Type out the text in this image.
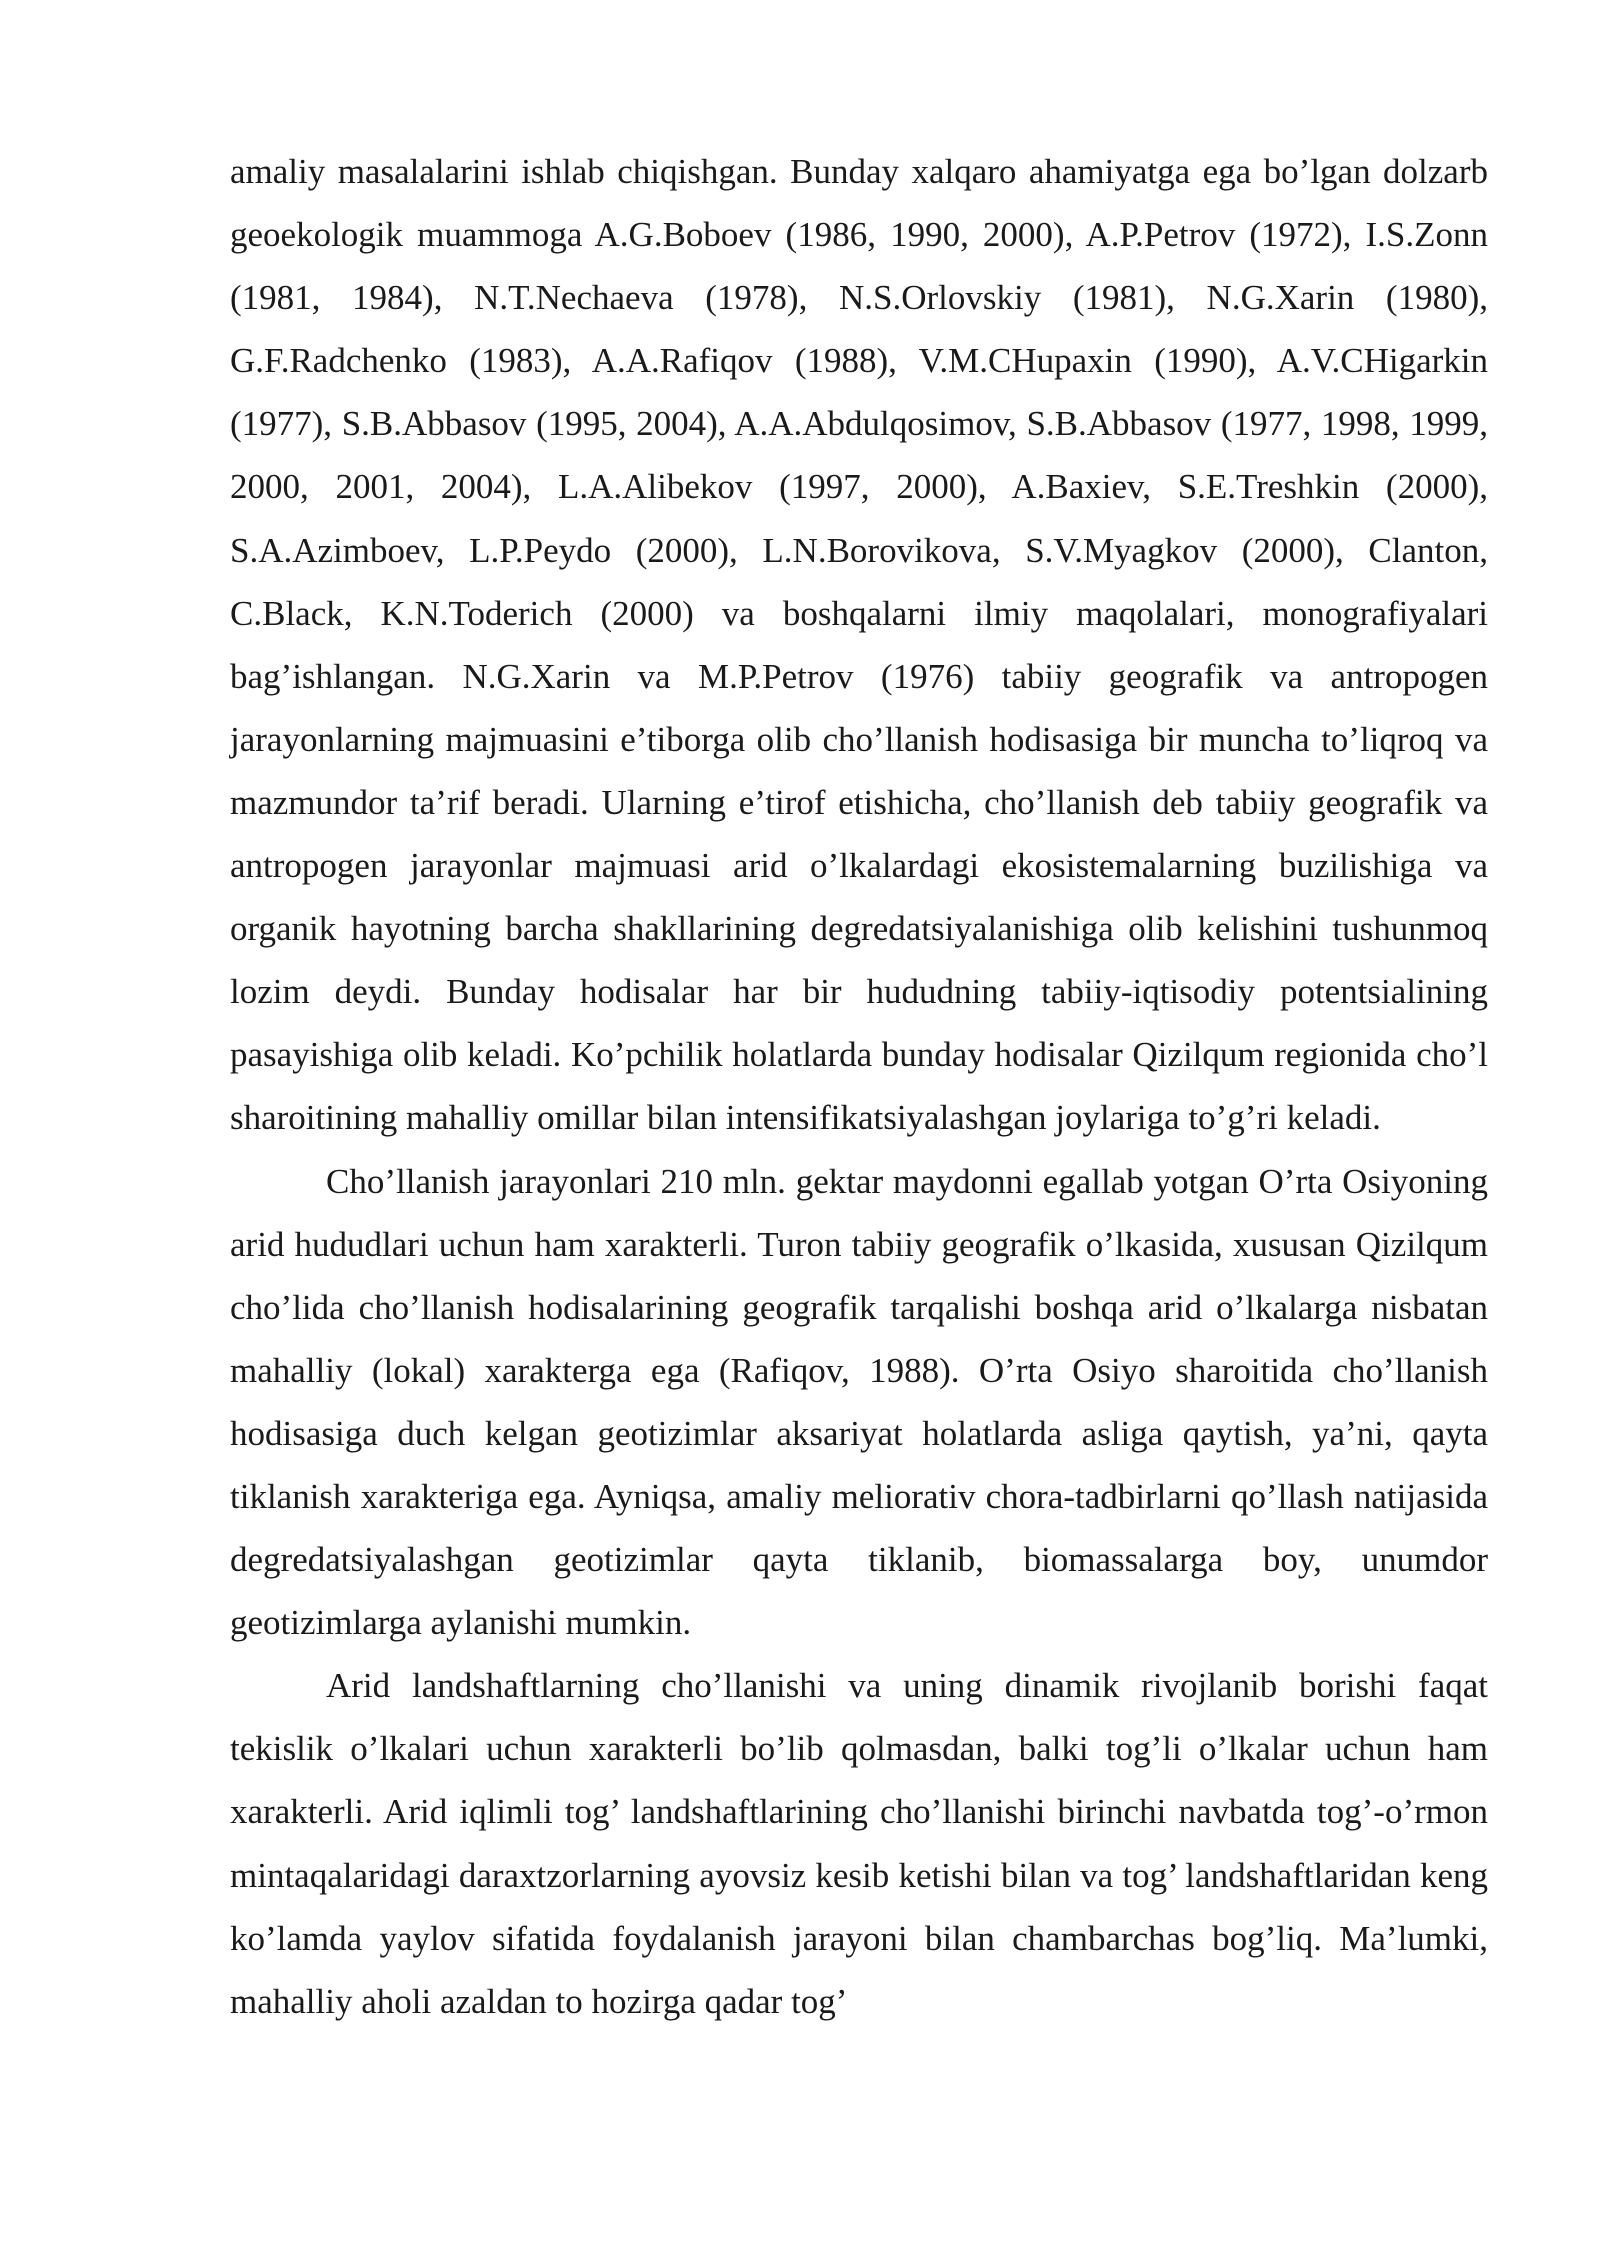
amaliy masalalarini ishlab chiqishgan. Bunday xalqaro ahamiyatga ega bo’lgan dolzarb geoekologik muammoga A.G.Boboev (1986, 1990, 2000), A.P.Petrov (1972), I.S.Zonn (1981, 1984), N.T.Nechaeva (1978), N.S.Orlovskiy (1981), N.G.Xarin (1980), G.F.Radchenko (1983), A.A.Rafiqov (1988), V.M.CHupaxin (1990), A.V.CHigarkin (1977), S.B.Abbasov (1995, 2004), A.A.Abdulqosimov, S.B.Abbasov (1977, 1998, 1999, 2000, 2001, 2004), L.A.Alibekov (1997, 2000), A.Baxiev, S.E.Treshkin (2000), S.A.Azimboev, L.P.Peydo (2000), L.N.Borovikova, S.V.Myagkov (2000), Clanton, C.Black, K.N.Toderich (2000) va boshqalarni ilmiy maqolalari, monografiyalari bag’ishlangan. N.G.Xarin va M.P.Petrov (1976) tabiiy geografik va antropogen jarayonlarning majmuasini e’tiborga olib cho’llanish hodisasiga bir muncha to’liqroq va mazmundor ta’rif beradi. Ularning e’tirof etishicha, cho’llanish deb tabiiy geografik va antropogen jarayonlar majmuasi arid o’lkalardagi ekosistemalarning buzilishiga va organik hayotning barcha shakllarining degredatsiyalanishiga olib kelishini tushunmoq lozim deydi. Bunday hodisalar har bir hududning tabiiy-iqtisodiy potentsialining pasayishiga olib keladi. Ko’pchilik holatlarda bunday hodisalar Qizilqum regionida cho’l sharoitining mahalliy omillar bilan intensifikatsiyalashgan joylariga to’g’ri keladi.

Cho’llanish jarayonlari 210 mln. gektar maydonni egallab yotgan O’rta Osiyoning arid hududlari uchun ham xarakterli. Turon tabiiy geografik o’lkasida, xususan Qizilqum cho’lida cho’llanish hodisalarining geografik tarqalishi boshqa arid o’lkalarga nisbatan mahalliy (lokal) xarakterga ega (Rafiqov, 1988). O’rta Osiyo sharoitida cho’llanish hodisasiga duch kelgan geotizimlar aksariyat holatlarda asliga qaytish, ya’ni, qayta tiklanish xarakteriga ega. Ayniqsa, amaliy meliorativ chora-tadbirlarni qo’llash natijasida degredatsiyalashgan geotizimlar qayta tiklanib, biomassalarga boy, unumdor geotizimlarga aylanishi mumkin.

Arid landshaftlarning cho’llanishi va uning dinamik rivojlanib borishi faqat tekislik o’lkalari uchun xarakterli bo’lib qolmasdan, balki tog’li o’lkalar uchun ham xarakterli. Arid iqlimli tog’ landshaftlarining cho’llanishi birinchi navbatda tog’-o’rmon mintaqalaridagi daraxtzorlarning ayovsiz kesib ketishi bilan va tog’ landshaftlaridan keng ko’lamda yaylov sifatida foydalanish jarayoni bilan chambarchas bog’liq. Ma’lumki, mahalliy aholi azaldan to hozirga qadar tog’
